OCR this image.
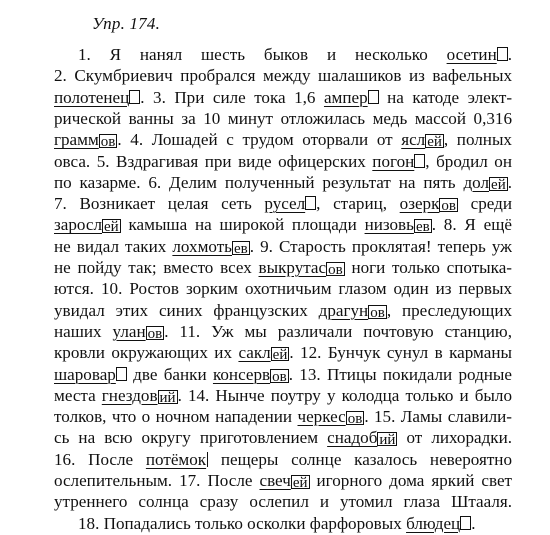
Упр. 174.
1. Я нанял шесть быков и несколько осетин .
2. Скумбриевич пробрался между шалашиков из вафельных
полотенец . 3. При силе тока 1,6 ампер на катоде элект-
рической ванны за 10 минут отложилась медь массой 0,316
грамм ов . 4. Лошадей с трудом оторвали от ясл ей , полных
овса. 5. Вздрагивая при виде офицерских погон , бродил он
по казарме. 6. Делим полученный результат на пять дол ей .
7. Возникает целая сеть русел , стариц, озерк ов среди
заросл ей камыша на широкой площади низовь ев . 8. Я ещё
не видал таких лохмоть ев . 9. Старость проклятая! теперь уж
не пойду так; вместо всех выкрутас ов ноги только спотыка-
ются. 10. Ростов зорким охотничьим глазом один из первых
увидал этих синих французских драгун ов , преследующих
наших улан ов . 11. Уж мы различали почтовую станцию,
кровли окружающих их сакл ей . 12. Бунчук сунул в карманы
шаровар две банки консерв ов . 13. Птицы покидали родные
места гнездов ий . 14. Нынче поутру у колодца только и было
толков, что о ночном нападении черкес ов . 15. Ламы славили-
сь на всю округу приготовлением снадоб ий от лихорадки.
16. После потёмок пещеры солнце казалось невероятно
ослепительным. 17. После свеч ей игорного дома яркий свет
утреннего солнца сразу ослепил и утомил глаза Штааля.
18. Попадались только осколки фарфоровых блюдец .
